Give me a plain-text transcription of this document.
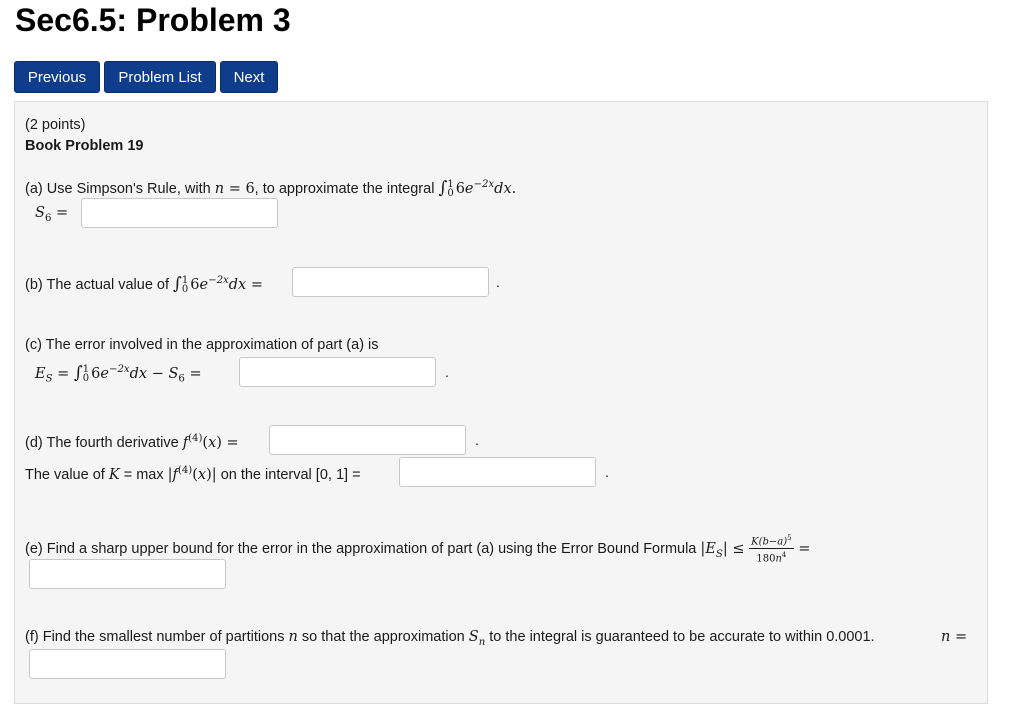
Sec6.5: Problem 3
Previous	Problem List	Next
(2 points)
Book Problem 19
(a) Use Simpson's Rule, with n = 6, to approximate the integral ∫1
0 $6e^{-2x}dx$.
$S_6$ =
(b) The actual value of ∫1
0 $6e^{-2x}dx$ =	.
(c) The error involved in the approximation of part (a) is
$E_S = \int 1$
0 $6e^{-2x}dx - S_6$ =	.
(d) The fourth derivative $f^{(4)}(x)$ =	.
The value of $K = \max |f^{(4)}(x)|$ on the interval [0, 1] =	.
(e) Find a sharp upper bound for the error in the approximation of part (a) using the Error Bound Formula $|E_S| \le \frac{K(b-a)^5}{180n^4}$ =
(f) Find the smallest number of partitions n so that the approximation $S_n$ to the integral is guaranteed to be accurate to within 0.0001.	n =
